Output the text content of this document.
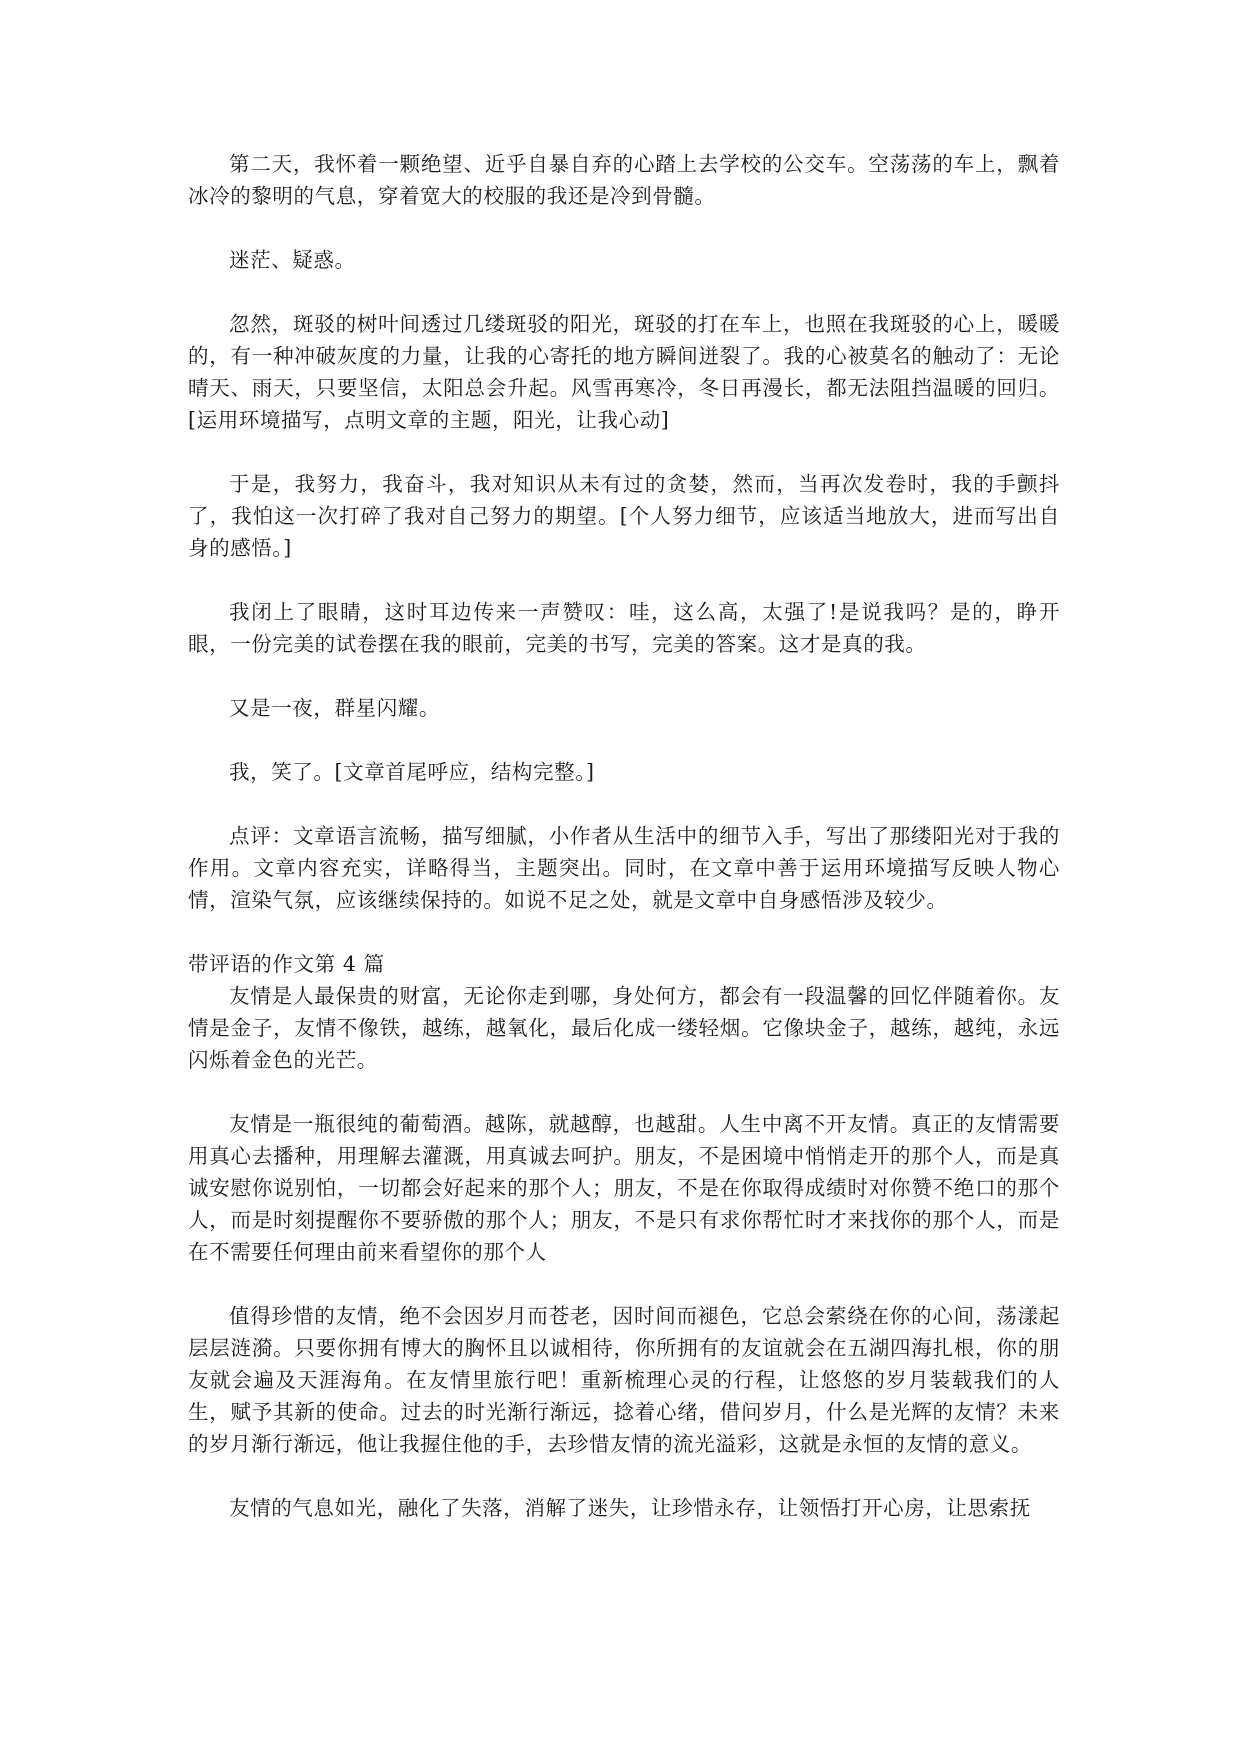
第二天，我怀着一颗绝望、近乎自暴自弃的心踏上去学校的公交车。空荡荡的车上，飘着冰冷的黎明的气息，穿着宽大的校服的我还是冷到骨髓。

迷茫、疑惑。

忽然，斑驳的树叶间透过几缕斑驳的阳光，斑驳的打在车上，也照在我斑驳的心上，暖暖的，有一种冲破灰度的力量，让我的心寄托的地方瞬间迸裂了。我的心被莫名的触动了：无论晴天、雨天，只要坚信，太阳总会升起。风雪再寒冷，冬日再漫长，都无法阻挡温暖的回归。[运用环境描写，点明文章的主题，阳光，让我心动]

于是，我努力，我奋斗，我对知识从未有过的贪婪，然而，当再次发卷时，我的手颤抖了，我怕这一次打碎了我对自己努力的期望。[个人努力细节，应该适当地放大，进而写出自身的感悟。]

我闭上了眼睛，这时耳边传来一声赞叹：哇，这么高，太强了!是说我吗？是的，睁开眼，一份完美的试卷摆在我的眼前，完美的书写，完美的答案。这才是真的我。

又是一夜，群星闪耀。

我，笑了。[文章首尾呼应，结构完整。]

点评：文章语言流畅，描写细腻，小作者从生活中的细节入手，写出了那缕阳光对于我的作用。文章内容充实，详略得当，主题突出。同时，在文章中善于运用环境描写反映人物心情，渲染气氛，应该继续保持的。如说不足之处，就是文章中自身感悟涉及较少。

带评语的作文第 4 篇

友情是人最保贵的财富，无论你走到哪，身处何方，都会有一段温馨的回忆伴随着你。友情是金子，友情不像铁，越练，越氧化，最后化成一缕轻烟。它像块金子，越练，越纯，永远闪烁着金色的光芒。

友情是一瓶很纯的葡萄酒。越陈，就越醇，也越甜。人生中离不开友情。真正的友情需要用真心去播种，用理解去灌溉，用真诚去呵护。朋友，不是困境中悄悄走开的那个人，而是真诚安慰你说别怕，一切都会好起来的那个人；朋友，不是在你取得成绩时对你赞不绝口的那个人，而是时刻提醒你不要骄傲的那个人；朋友，不是只有求你帮忙时才来找你的那个人，而是在不需要任何理由前来看望你的那个人

值得珍惜的友情，绝不会因岁月而苍老，因时间而褪色，它总会萦绕在你的心间，荡漾起层层涟漪。只要你拥有博大的胸怀且以诚相待，你所拥有的友谊就会在五湖四海扎根，你的朋友就会遍及天涯海角。在友情里旅行吧！重新梳理心灵的行程，让悠悠的岁月装载我们的人生，赋予其新的使命。过去的时光渐行渐远，捻着心绪，借问岁月，什么是光辉的友情？未来的岁月渐行渐远，他让我握住他的手，去珍惜友情的流光溢彩，这就是永恒的友情的意义。

友情的气息如光，融化了失落，消解了迷失，让珍惜永存，让领悟打开心房，让思索抚
